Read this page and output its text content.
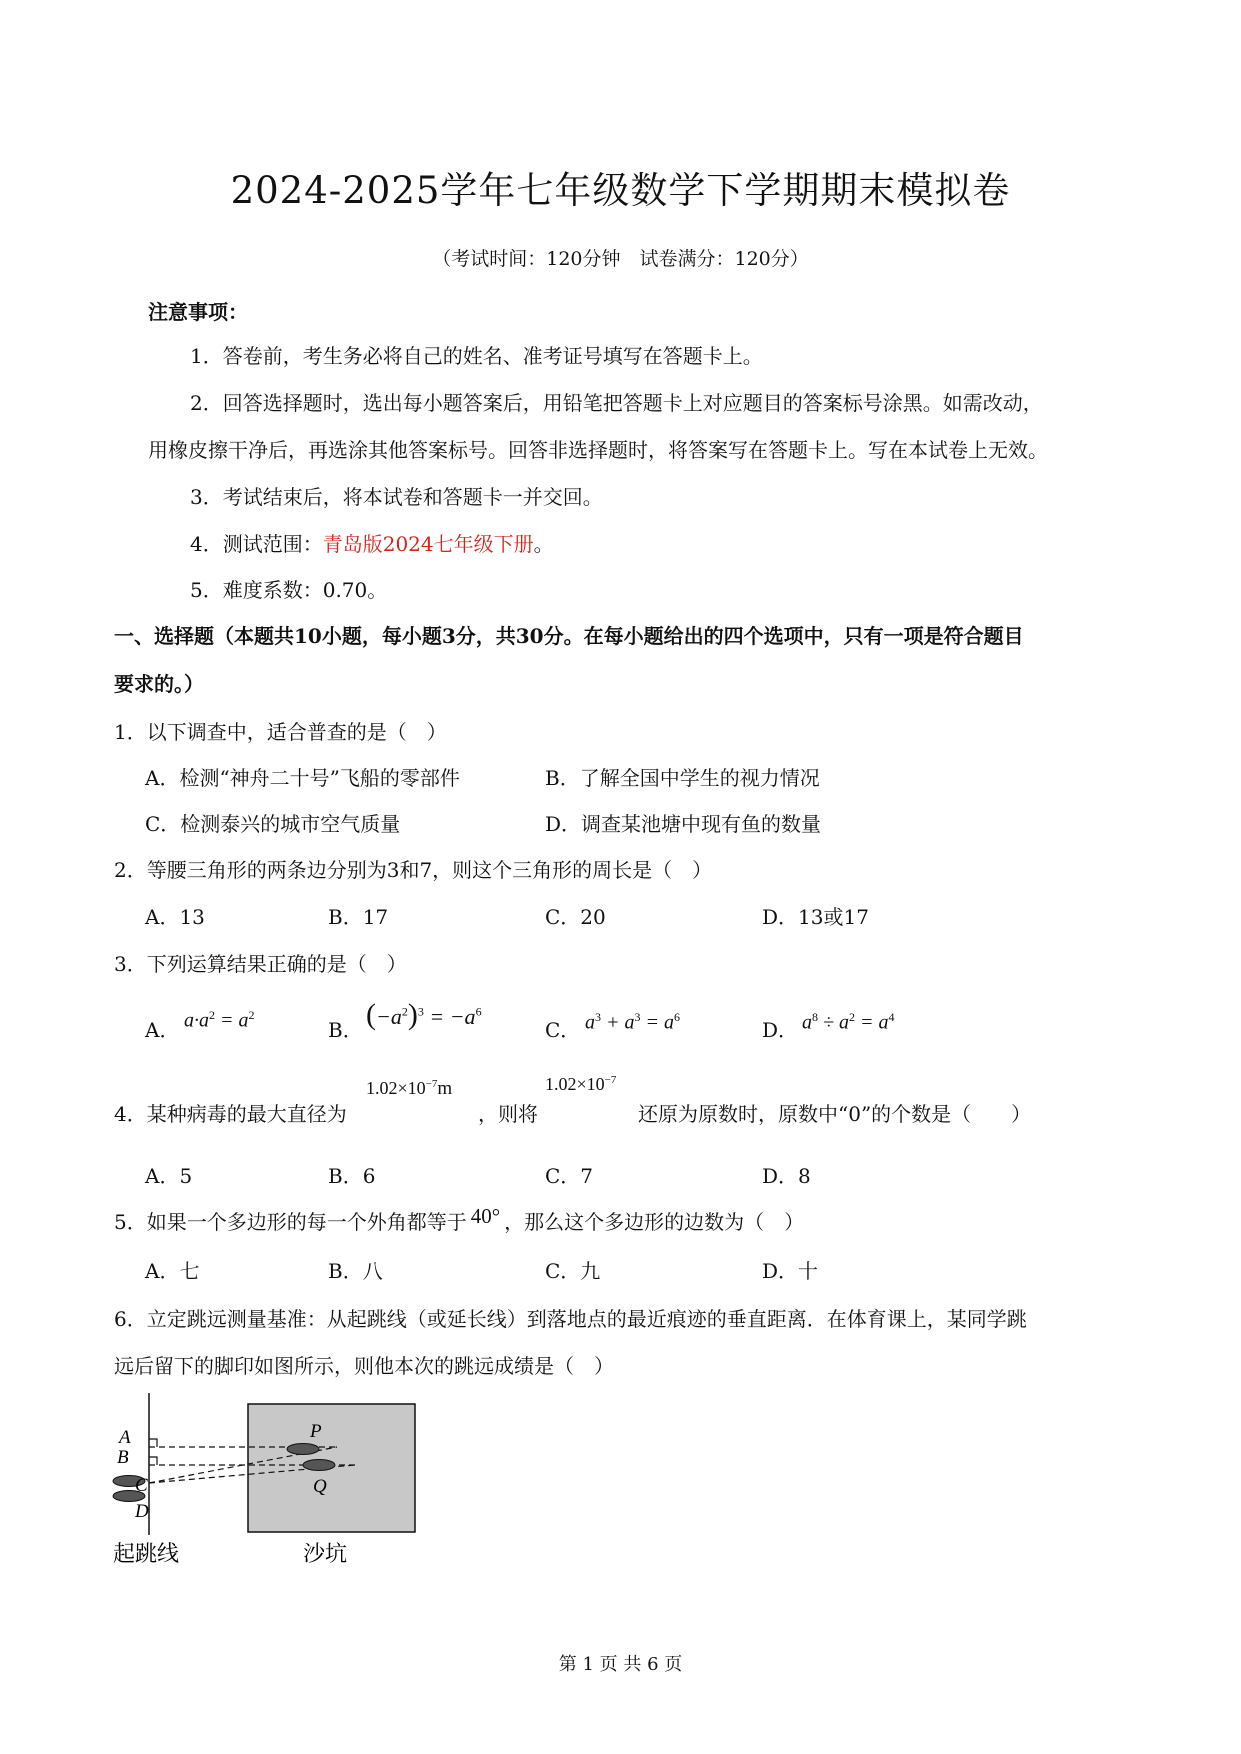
2024-2025学年七年级数学下学期期末模拟卷
（考试时间：120分钟　试卷满分：120分）
注意事项：
1．答卷前，考生务必将自己的姓名、准考证号填写在答题卡上。
2．回答选择题时，选出每小题答案后，用铅笔把答题卡上对应题目的答案标号涂黑。如需改动，
用橡皮擦干净后，再选涂其他答案标号。回答非选择题时，将答案写在答题卡上。写在本试卷上无效。
3．考试结束后，将本试卷和答题卡一并交回。
4．测试范围：青岛版2024七年级下册。
5．难度系数：0.70。
一、选择题（本题共10小题，每小题3分，共30分。在每小题给出的四个选项中，只有一项是符合题目
要求的。）
1．以下调查中，适合普查的是（　）
A．检测“神舟二十号”飞船的零部件	B．了解全国中学生的视力情况
C．检测泰兴的城市空气质量	D．调查某池塘中现有鱼的数量
2．等腰三角形的两条边分别为3和7，则这个三角形的周长是（　）
A．13	B．17	C．20	D．13或17
3．下列运算结果正确的是（　）
A． $a\cdot a^2 = a^2$
B． $(-a^2)^3 = -a^6$
C． $a^3 + a^3 = a^6$
D． $a^8 \div a^2 = a^4$
4．某种病毒的最大直径为
$1.02\times 10^{-7}m$
，则将
$1.02\times 10^{-7}$
还原为原数时，原数中“0”的个数是（　　）
A．5	B．6	C．7	D．8
5．如果一个多边形的每一个外角都等于 40° ，那么这个多边形的边数为（　）
A．七	B．八	C．九	D．十
6．立定跳远测量基准：从起跳线（或延长线）到落地点的最近痕迹的垂直距离．在体育课上，某同学跳
远后留下的脚印如图所示，则他本次的跳远成绩是（　）
A
B
C
D
P
Q
起跳线	沙坑
第 1 页 共 6 页
